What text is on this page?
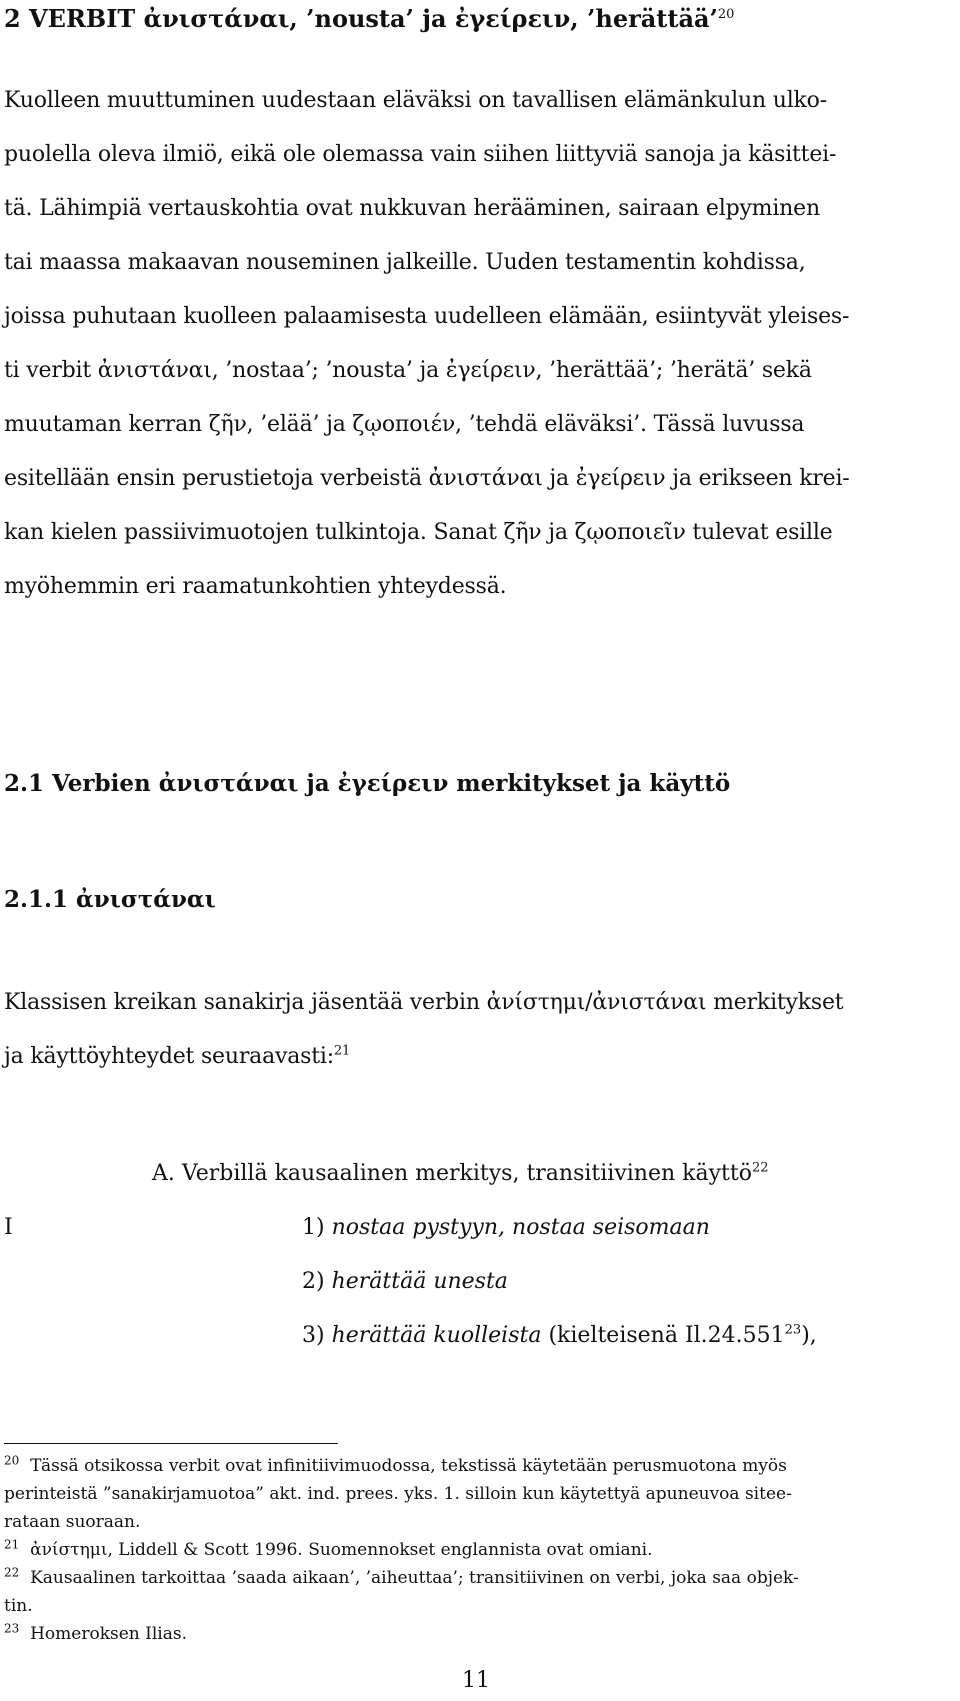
2 VERBIT ἀνιστάναι, ’nousta’ ja ἐγείρειν, ’herättää’$^{20}$
Kuolleen muuttuminen uudestaan eläväksi on tavallisen elämänkulun ulko-
puolella oleva ilmiö, eikä ole olemassa vain siihen liittyviä sanoja ja käsittei-
tä. Lähimpiä vertauskohtia ovat nukkuvan herääminen, sairaan elpyminen
tai maassa makaavan nouseminen jalkeille. Uuden testamentin kohdissa,
joissa puhutaan kuolleen palaamisesta uudelleen elämään, esiintyvät yleises-
ti verbit ἀνιστάναι, ’nostaa’; ’nousta’ ja ἐγείρειν, ’herättää’; ’herätä’ sekä
muutaman kerran ζῆν, ’elää’ ja ζῳοποιέν, ’tehdä eläväksi’. Tässä luvussa
esitellään ensin perustietoja verbeistä ἀνιστάναι ja ἐγείρειν ja erikseen krei-
kan kielen passiivimuotojen tulkintoja. Sanat ζῆν ja ζῳοποιεῖν tulevat esille
myöhemmin eri raamatunkohtien yhteydessä.
2.1 Verbien ἀνιστάναι ja ἐγείρειν merkitykset ja käyttö
2.1.1 ἀνιστάναι
Klassisen kreikan sanakirja jäsentää verbin ἀνίστημι/ἀνιστάναι merkitykset
ja käyttöyhteydet seuraavasti:$^{21}$
A. Verbillä kausaalinen merkitys, transitiivinen käyttö$^{22}$
I	1) nostaa pystyyn, nostaa seisomaan
2) herättää unesta
3) herättää kuolleista (kielteisenä Il.24.551$^{23}$),
$^{20}$ Tässä otsikossa verbit ovat infinitiivimuodossa, tekstissä käytetään perusmuotona myös
perinteistä ”sanakirjamuotoa” akt. ind. prees. yks. 1. silloin kun käytettyä apuneuvoa siteе-
rataan suoraan.
$^{21}$ ἀνίστημι, Liddell & Scott 1996. Suomennokset englannista ovat omiani.
$^{22}$ Kausaalinen tarkoittaa ’saada aikaan’, ’aiheuttaa’; transitiivinen on verbi, joka saa objek-
tin.
$^{23}$ Homeroksen Ilias.
11
